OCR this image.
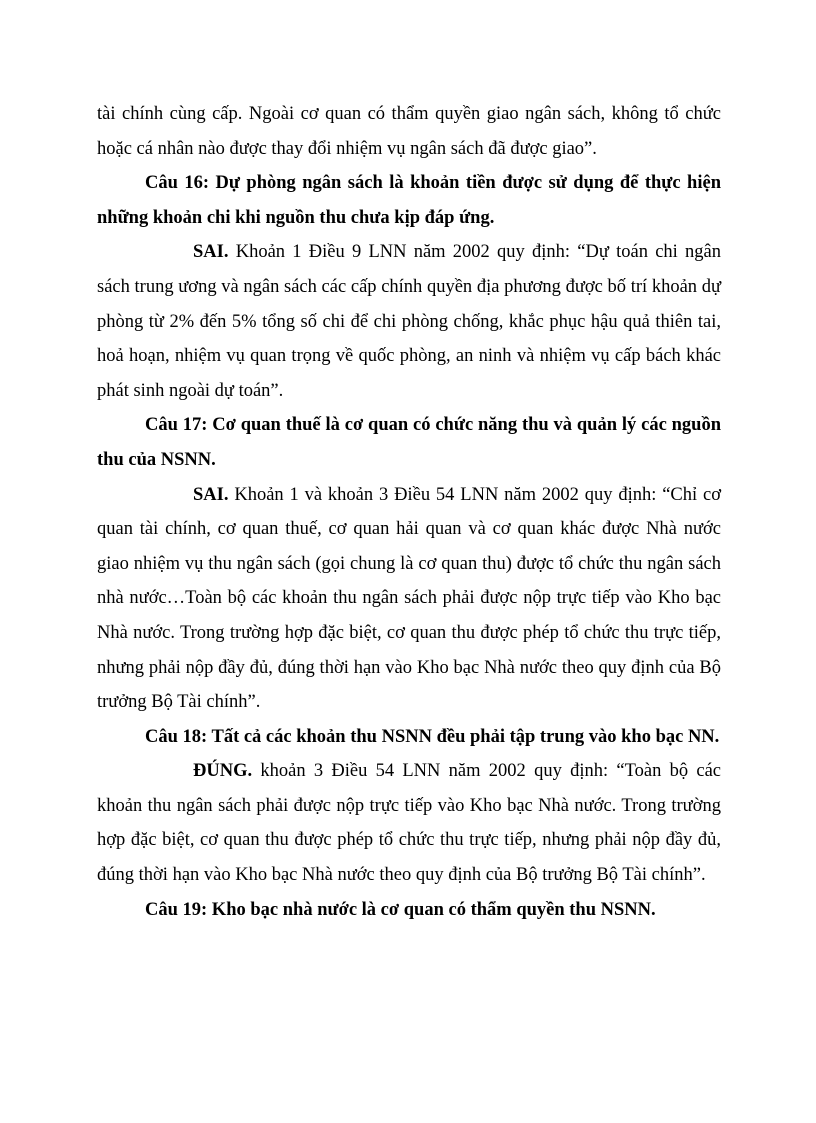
tài chính cùng cấp. Ngoài cơ quan có thẩm quyền giao ngân sách, không tổ chức hoặc cá nhân nào được thay đổi nhiệm vụ ngân sách đã được giao”.

Câu 16: Dự phòng ngân sách là khoản tiền được sử dụng để thực hiện những khoản chi khi nguồn thu chưa kịp đáp ứng.

SAI. Khoản 1 Điều 9 LNN năm 2002 quy định: “Dự toán chi ngân sách trung ương và ngân sách các cấp chính quyền địa phương được bố trí khoản dự phòng từ 2% đến 5% tổng số chi để chi phòng chống, khắc phục hậu quả thiên tai, hoả hoạn, nhiệm vụ quan trọng về quốc phòng, an ninh và nhiệm vụ cấp bách khác phát sinh ngoài dự toán”.

Câu 17: Cơ quan thuế là cơ quan có chức năng thu và quản lý các nguồn thu của NSNN.

SAI. Khoản 1 và khoản 3 Điều 54 LNN năm 2002 quy định: “Chỉ cơ quan tài chính, cơ quan thuế, cơ quan hải quan và cơ quan khác được Nhà nước giao nhiệm vụ thu ngân sách (gọi chung là cơ quan thu) được tổ chức thu ngân sách nhà nước…Toàn bộ các khoản thu ngân sách phải được nộp trực tiếp vào Kho bạc Nhà nước. Trong trường hợp đặc biệt, cơ quan thu được phép tổ chức thu trực tiếp, nhưng phải nộp đầy đủ, đúng thời hạn vào Kho bạc Nhà nước theo quy định của Bộ trưởng Bộ Tài chính”.

Câu 18: Tất cả các khoản thu NSNN đều phải tập trung vào kho bạc NN.

ĐÚNG. khoản 3 Điều 54 LNN năm 2002 quy định: “Toàn bộ các khoản thu ngân sách phải được nộp trực tiếp vào Kho bạc Nhà nước. Trong trường hợp đặc biệt, cơ quan thu được phép tổ chức thu trực tiếp, nhưng phải nộp đầy đủ, đúng thời hạn vào Kho bạc Nhà nước theo quy định của Bộ trưởng Bộ Tài chính”.

Câu 19: Kho bạc nhà nước là cơ quan có thẩm quyền thu NSNN.
